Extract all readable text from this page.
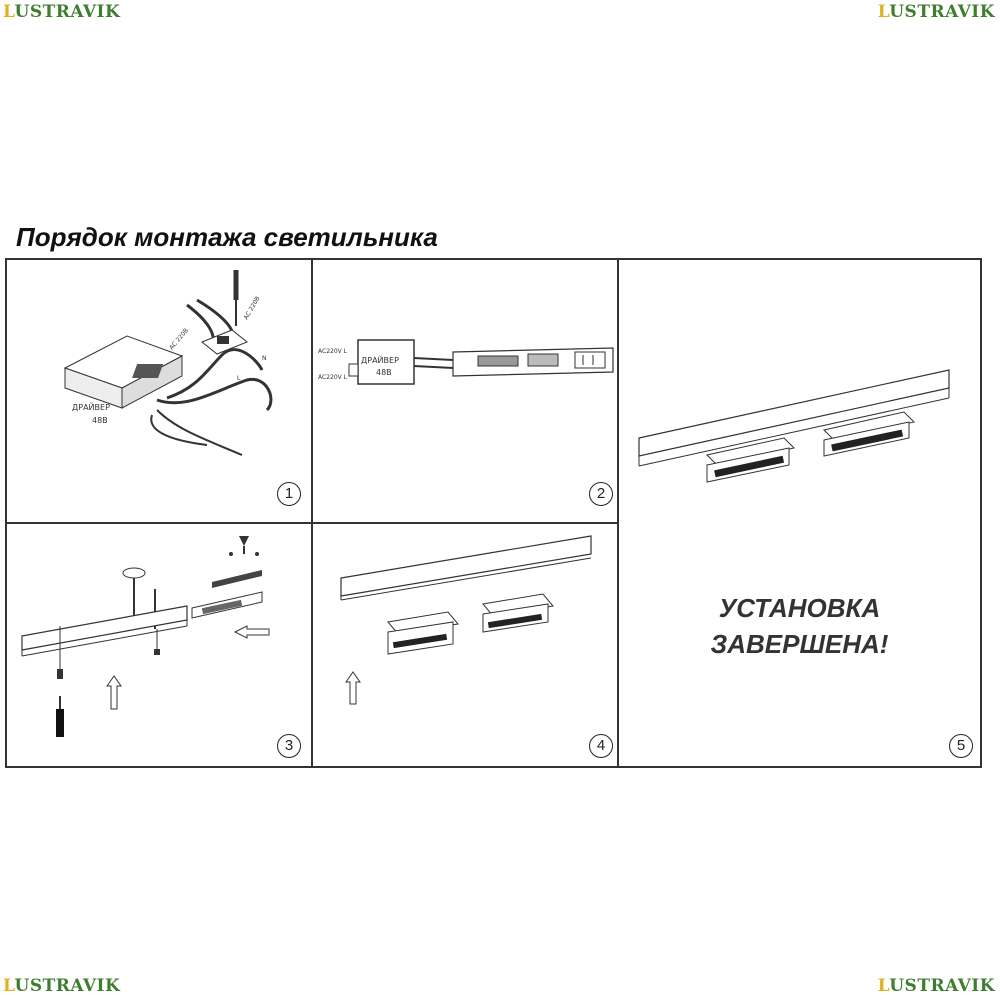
LUSTRAVIK	LUSTRAVIK
LUSTRAVIK	LUSTRAVIK
Порядок монтажа светильника
ДРАЙВЕР
48В
AC 220В
AC 220В
L
N
1
ДРАЙВЕР
48В
AC220V L
AC220V L
2
3	4
УСТАНОВКА
ЗАВЕРШЕНА!
5
